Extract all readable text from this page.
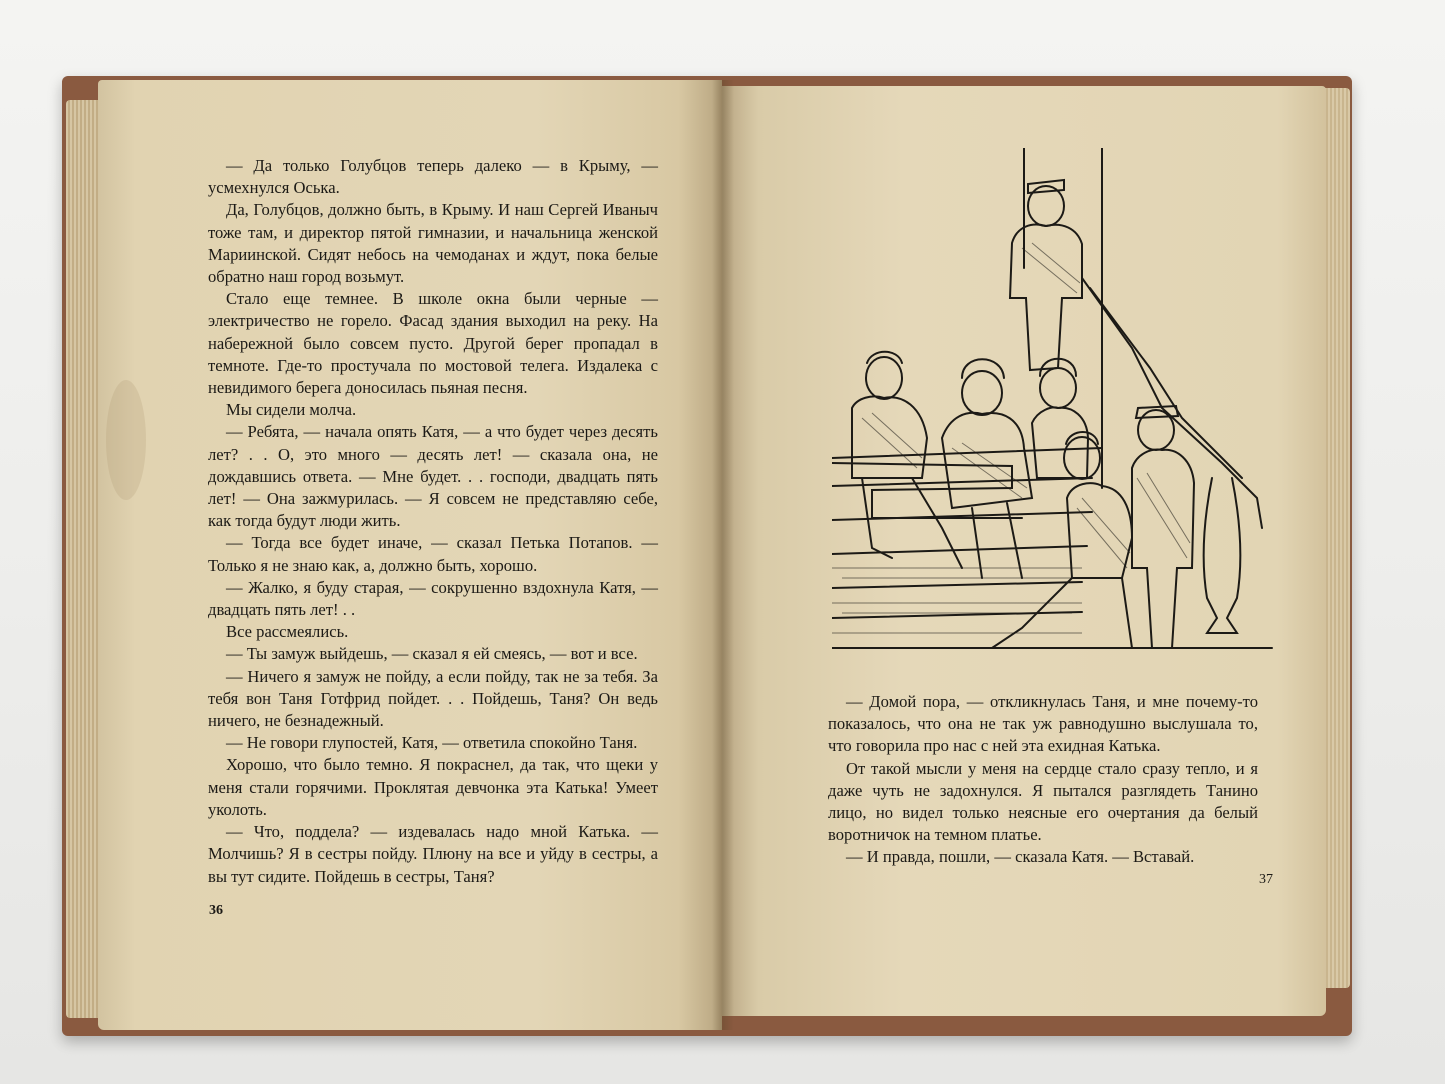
— Да только Голубцов теперь далеко — в Крыму, — усмехнулся Оська.

Да, Голубцов, должно быть, в Крыму. И наш Сергей Иваныч тоже там, и директор пятой гимназии, и начальница женской Мариинской. Сидят небось на чемоданах и ждут, пока белые обратно наш город возьмут.

Стало еще темнее. В школе окна были черные — электричество не горело. Фасад здания выходил на реку. На набережной было совсем пусто. Другой берег пропадал в темноте. Где-то простучала по мостовой телега. Издалека с невидимого берега доносилась пьяная песня.

Мы сидели молча.

— Ребята, — начала опять Катя, — а что будет через десять лет? . . О, это много — десять лет! — сказала она, не дождавшись ответа. — Мне будет. . . господи, двадцать пять лет! — Она зажмурилась. — Я совсем не представляю себе, как тогда будут люди жить.

— Тогда все будет иначе, — сказал Петька Потапов. — Только я не знаю как, а, должно быть, хорошо.

— Жалко, я буду старая, — сокрушенно вздохнула Катя, — двадцать пять лет! . .

Все рассмеялись.

— Ты замуж выйдешь, — сказал я ей смеясь, — вот и все.

— Ничего я замуж не пойду, а если пойду, так не за тебя. За тебя вон Таня Готфрид пойдет. . . Пойдешь, Таня? Он ведь ничего, не безнадежный.

— Не говори глупостей, Катя, — ответила спокойно Таня.

Хорошо, что было темно. Я покраснел, да так, что щеки у меня стали горячими. Проклятая девчонка эта Катька! Умеет уколоть.

— Что, поддела? — издевалась надо мной Катька. — Молчишь? Я в сестры пойду. Плюну на все и уйду в сестры, а вы тут сидите. Пойдешь в сестры, Таня?

36

— Домой пора, — откликнулась Таня, и мне почему-то показалось, что она не так уж равнодушно выслушала то, что говорила про нас с ней эта ехидная Катька.

От такой мысли у меня на сердце стало сразу тепло, и я даже чуть не задохнулся. Я пытался разглядеть Танино лицо, но видел только неясные его очертания да белый воротничок на темном платье.

— И правда, пошли, — сказала Катя. — Вставай.

37
